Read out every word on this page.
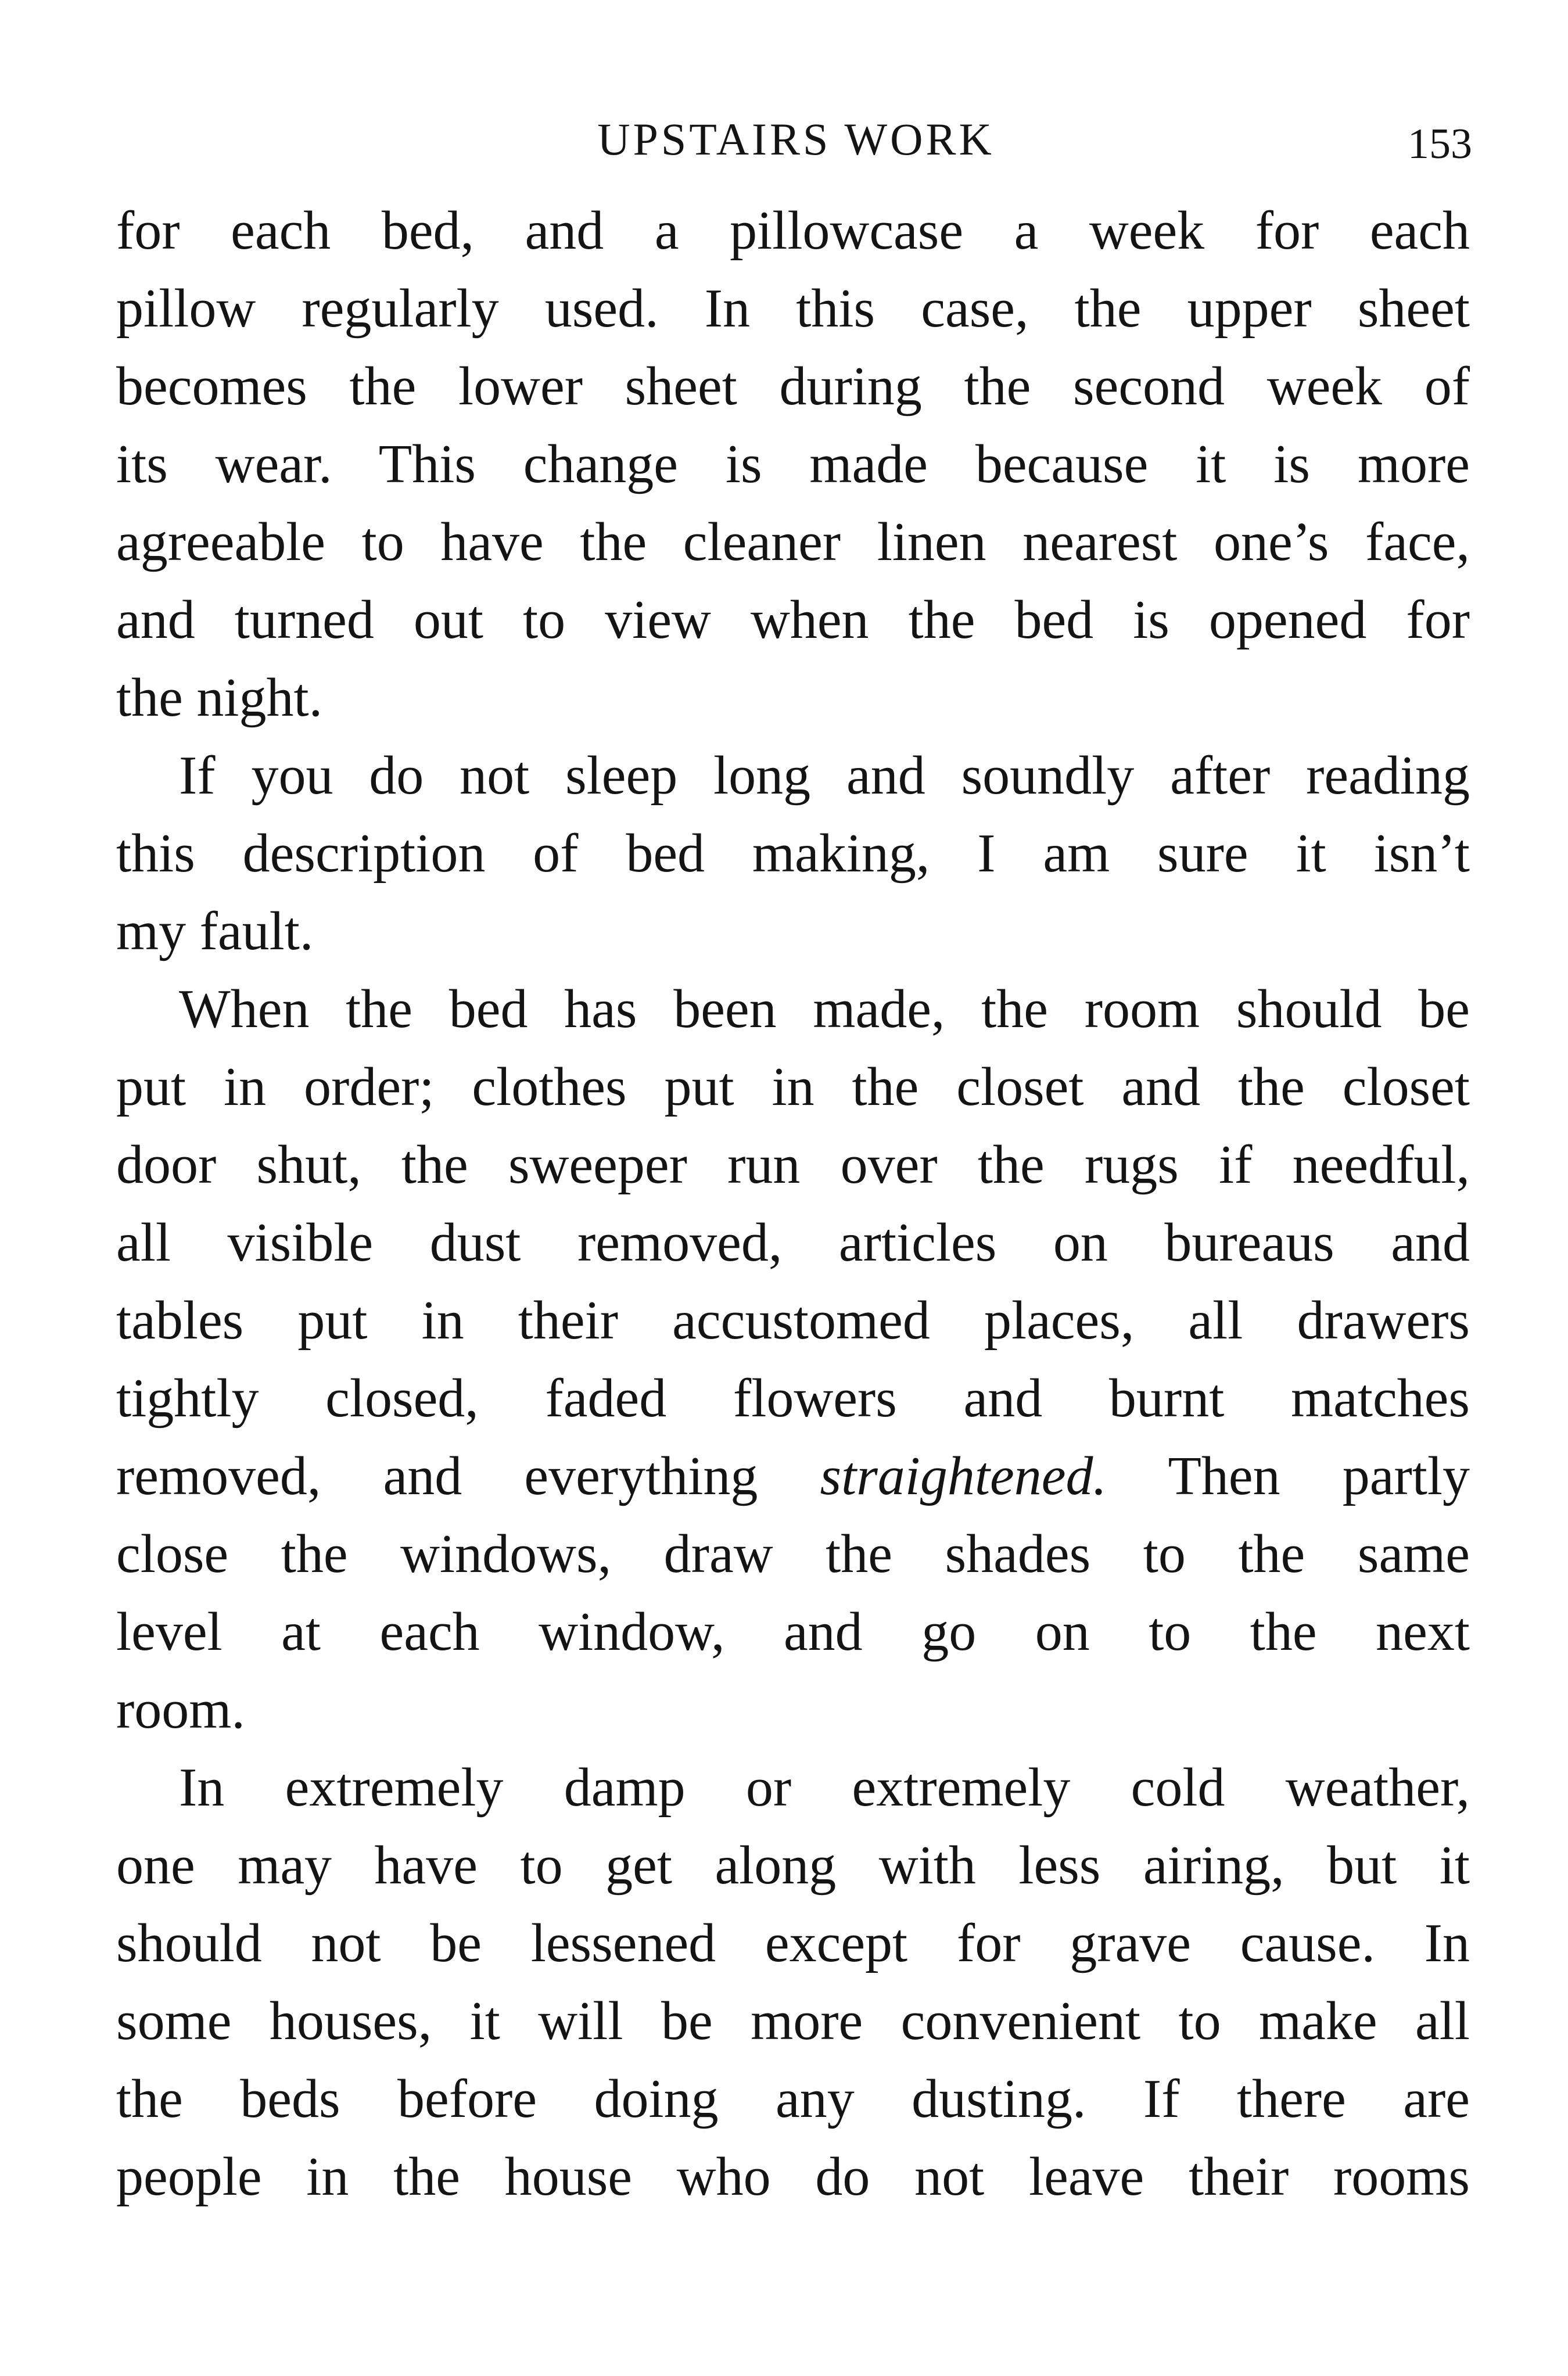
UPSTAIRS WORK	153
for each bed, and a pillowcase a week for each
pillow regularly used. In this case, the upper sheet
becomes the lower sheet during the second week of
its wear. This change is made because it is more
agreeable to have the cleaner linen nearest one’s face,
and turned out to view when the bed is opened for
the night.
If you do not sleep long and soundly after reading
this description of bed making, I am sure it isn’t
my fault.
When the bed has been made, the room should be
put in order; clothes put in the closet and the closet
door shut, the sweeper run over the rugs if needful,
all visible dust removed, articles on bureaus and
tables put in their accustomed places, all drawers
tightly closed, faded flowers and burnt matches
removed, and everything straightened. Then partly
close the windows, draw the shades to the same
level at each window, and go on to the next
room.
In extremely damp or extremely cold weather,
one may have to get along with less airing, but it
should not be lessened except for grave cause. In
some houses, it will be more convenient to make all
the beds before doing any dusting. If there are
people in the house who do not leave their rooms
